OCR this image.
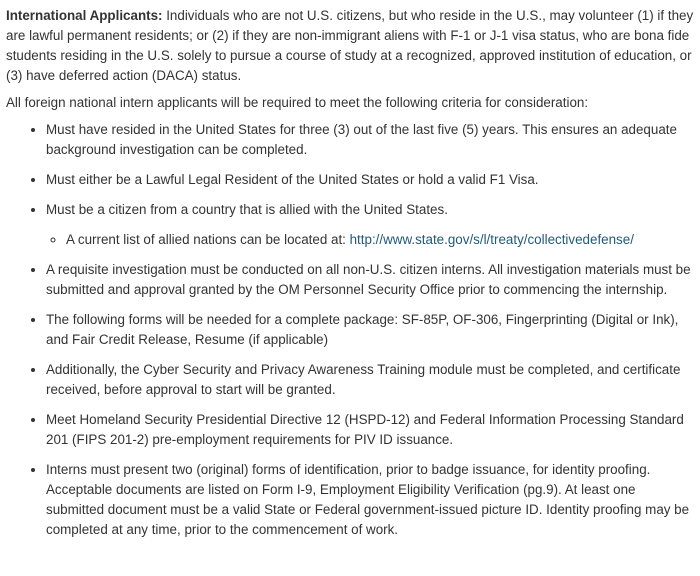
International Applicants: Individuals who are not U.S. citizens, but who reside in the U.S., may volunteer (1) if they are lawful permanent residents; or (2) if they are non-immigrant aliens with F-1 or J-1 visa status, who are bona fide students residing in the U.S. solely to pursue a course of study at a recognized, approved institution of education, or (3) have deferred action (DACA) status.

All foreign national intern applicants will be required to meet the following criteria for consideration:

• Must have resided in the United States for three (3) out of the last five (5) years. This ensures an adequate background investigation can be completed.
• Must either be a Lawful Legal Resident of the United States or hold a valid F1 Visa.
• Must be a citizen from a country that is allied with the United States.
◦ A current list of allied nations can be located at: http://www.state.gov/s/l/treaty/collectivedefense/
• A requisite investigation must be conducted on all non-U.S. citizen interns. All investigation materials must be submitted and approval granted by the OM Personnel Security Office prior to commencing the internship.
• The following forms will be needed for a complete package: SF-85P, OF-306, Fingerprinting (Digital or Ink), and Fair Credit Release, Resume (if applicable)
• Additionally, the Cyber Security and Privacy Awareness Training module must be completed, and certificate received, before approval to start will be granted.
• Meet Homeland Security Presidential Directive 12 (HSPD-12) and Federal Information Processing Standard 201 (FIPS 201-2) pre-employment requirements for PIV ID issuance.
• Interns must present two (original) forms of identification, prior to badge issuance, for identity proofing. Acceptable documents are listed on Form I-9, Employment Eligibility Verification (pg.9). At least one submitted document must be a valid State or Federal government-issued picture ID. Identity proofing may be completed at any time, prior to the commencement of work.
